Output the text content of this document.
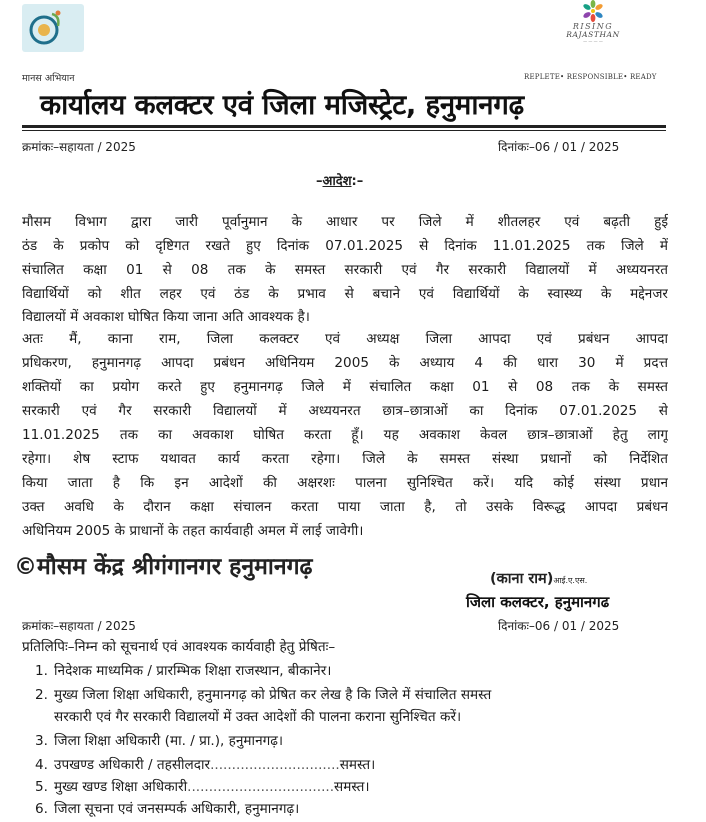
RISING
RAJASTHAN
— — — —
मानस अभियान	REPLETE• RESPONSIBLE• READY
कार्यालय कलक्टर एवं जिला मजिस्ट्रेट, हनुमानगढ़
क्रमांकः–सहायता / 2025	दिनांकः–06 / 01 / 2025
–आदेश:–
मौसम विभाग द्वारा जारी पूर्वानुमान के आधार पर जिले में शीतलहर एवं बढ़ती हुई
ठंड के प्रकोप को दृष्टिगत रखते हुए दिनांक 07.01.2025 से दिनांक 11.01.2025 तक जिले में
संचालित कक्षा 01 से 08 तक के समस्त सरकारी एवं गैर सरकारी विद्यालयों में अध्ययनरत
विद्यार्थियों को शीत लहर एवं ठंड के प्रभाव से बचाने एवं विद्यार्थियों के स्वास्थ्य के मद्देनजर
विद्यालयों में अवकाश घोषित किया जाना अति आवश्यक है।
अतः मैं, काना राम, जिला कलक्टर एवं अध्यक्ष जिला आपदा एवं प्रबंधन आपदा
प्रधिकरण, हनुमानगढ़ आपदा प्रबंधन अधिनियम 2005 के अध्याय 4 की धारा 30 में प्रदत्त
शक्तियों का प्रयोग करते हुए हनुमानगढ़ जिले में संचालित कक्षा 01 से 08 तक के समस्त
सरकारी एवं गैर सरकारी विद्यालयों में अध्ययनरत छात्र–छात्राओं का दिनांक 07.01.2025 से
11.01.2025 तक का अवकाश घोषित करता हूँ। यह अवकाश केवल छात्र–छात्राओं हेतु लागू
रहेगा। शेष स्टाफ यथावत कार्य करता रहेगा। जिले के समस्त संस्था प्रधानों को निर्देशित
किया जाता है कि इन आदेशों की अक्षरशः पालना सुनिश्चित करें। यदि कोई संस्था प्रधान
उक्त अवधि के दौरान कक्षा संचालन करता पाया जाता है, तो उसके विरूद्ध आपदा प्रबंधन
अधिनियम 2005 के प्राधानों के तहत कार्यवाही अमल में लाई जावेगी।
©मौसम केंद्र श्रीगंगानगर हनुमानगढ़	(काना राम)आई.ए.एस.
जिला कलक्टर, हनुमानगढ
क्रमांकः–सहायता / 2025	दिनांकः–06 / 01 / 2025
प्रतिलिपिः–निम्न को सूचनार्थ एवं आवश्यक कार्यवाही हेतु प्रेषितः–
1. निदेशक माध्यमिक / प्रारम्भिक शिक्षा राजस्थान, बीकानेर।
2. मुख्य जिला शिक्षा अधिकारी, हनुमानगढ़ को प्रेषित कर लेख है कि जिले में संचालित समस्त
सरकारी एवं गैर सरकारी विद्यालयों में उक्त आदेशों की पालना कराना सुनिश्चित करें।
3. जिला शिक्षा अधिकारी (मा. / प्रा.), हनुमानगढ़।
4. उपखण्ड अधिकारी / तहसीलदार..............................समस्त।
5. मुख्य खण्ड शिक्षा अधिकारी..................................समस्त।
6. जिला सूचना एवं जनसम्पर्क अधिकारी, हनुमानगढ़।
